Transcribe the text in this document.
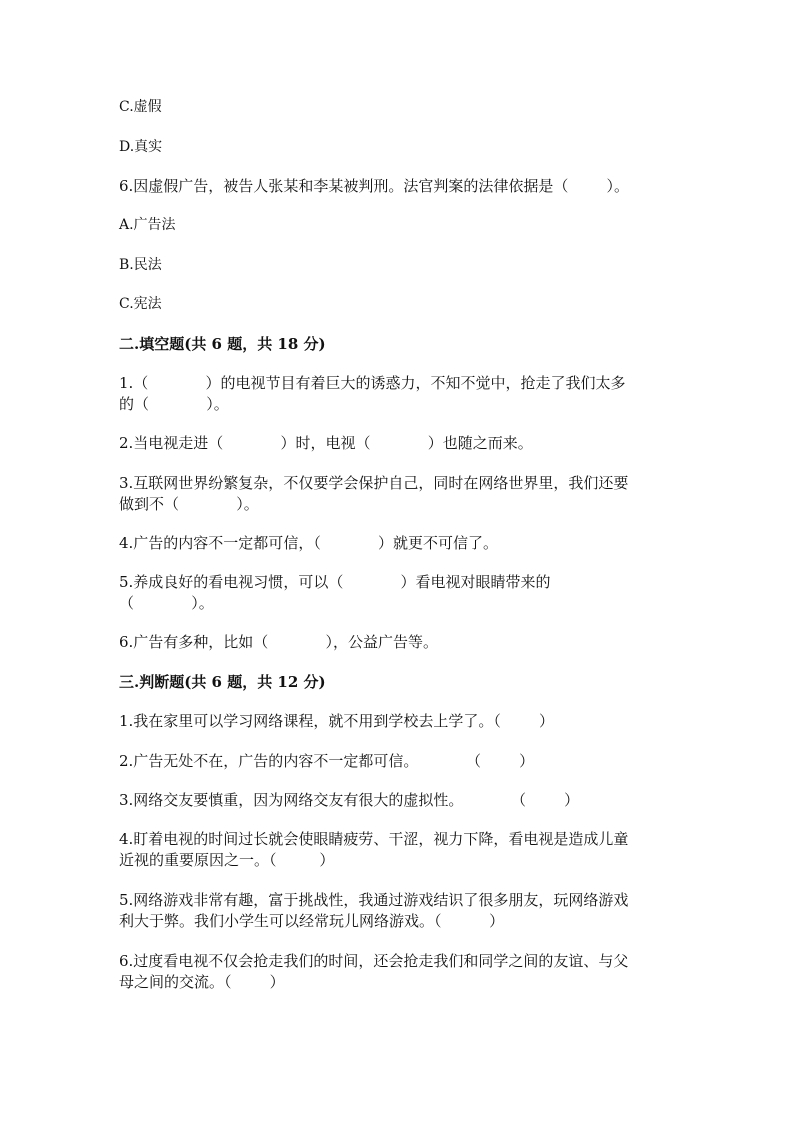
C.虚假
D.真实
6.因虚假广告，被告人张某和李某被判刑。法官判案的法律依据是（        ）。
A.广告法
B.民法
C.宪法
二.填空题(共 6 题，共 18 分)
1.（            ）的电视节目有着巨大的诱惑力，不知不觉中，抢走了我们太多
的（            ）。
2.当电视走进（            ）时，电视（            ）也随之而来。
3.互联网世界纷繁复杂，不仅要学会保护自己，同时在网络世界里，我们还要
做到不（            ）。
4.广告的内容不一定都可信，（            ）就更不可信了。
5.养成良好的看电视习惯，可以（            ）看电视对眼睛带来的
（            ）。
6.广告有多种，比如（            ），公益广告等。
三.判断题(共 6 题，共 12 分)
1.我在家里可以学习网络课程，就不用到学校去上学了。（        ）
2.广告无处不在，广告的内容不一定都可信。          （        ）
3.网络交友要慎重，因为网络交友有很大的虚拟性。          （        ）
4.盯着电视的时间过长就会使眼睛疲劳、干涩，视力下降，看电视是造成儿童
近视的重要原因之一。（         ）
5.网络游戏非常有趣，富于挑战性，我通过游戏结识了很多朋友，玩网络游戏
利大于弊。我们小学生可以经常玩儿网络游戏。（          ）
6.过度看电视不仅会抢走我们的时间，还会抢走我们和同学之间的友谊、与父
母之间的交流。（        ）
